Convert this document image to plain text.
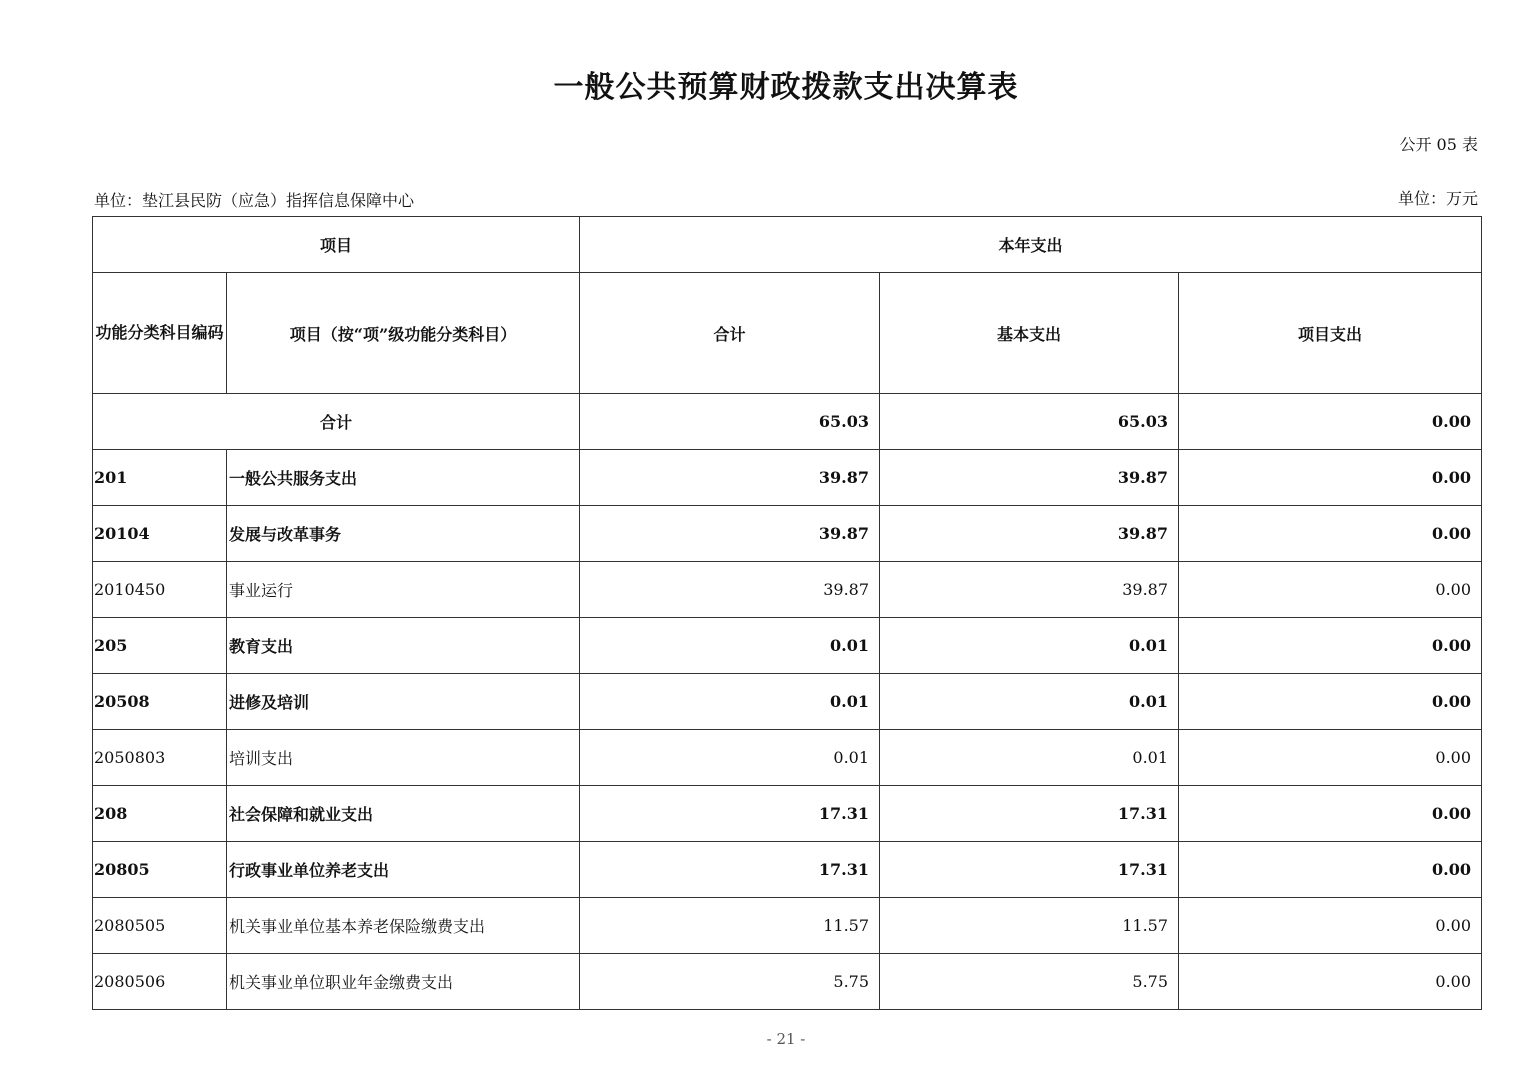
一般公共预算财政拨款支出决算表
公开 05 表
单位：垫江县民防（应急）指挥信息保障中心	单位：万元
项目		本年支出		
功能分类科目编码	项目（按“项”级功能分类科目）	合计	基本支出	项目支出
合计		65.03	65.03	0.00
201	一般公共服务支出	39.87	39.87	0.00
20104	发展与改革事务	39.87	39.87	0.00
2010450	事业运行	39.87	39.87	0.00
205	教育支出	0.01	0.01	0.00
20508	进修及培训	0.01	0.01	0.00
2050803	培训支出	0.01	0.01	0.00
208	社会保障和就业支出	17.31	17.31	0.00
20805	行政事业单位养老支出	17.31	17.31	0.00
2080505	机关事业单位基本养老保险缴费支出	11.57	11.57	0.00
2080506	机关事业单位职业年金缴费支出	5.75	5.75	0.00
- 21 -
